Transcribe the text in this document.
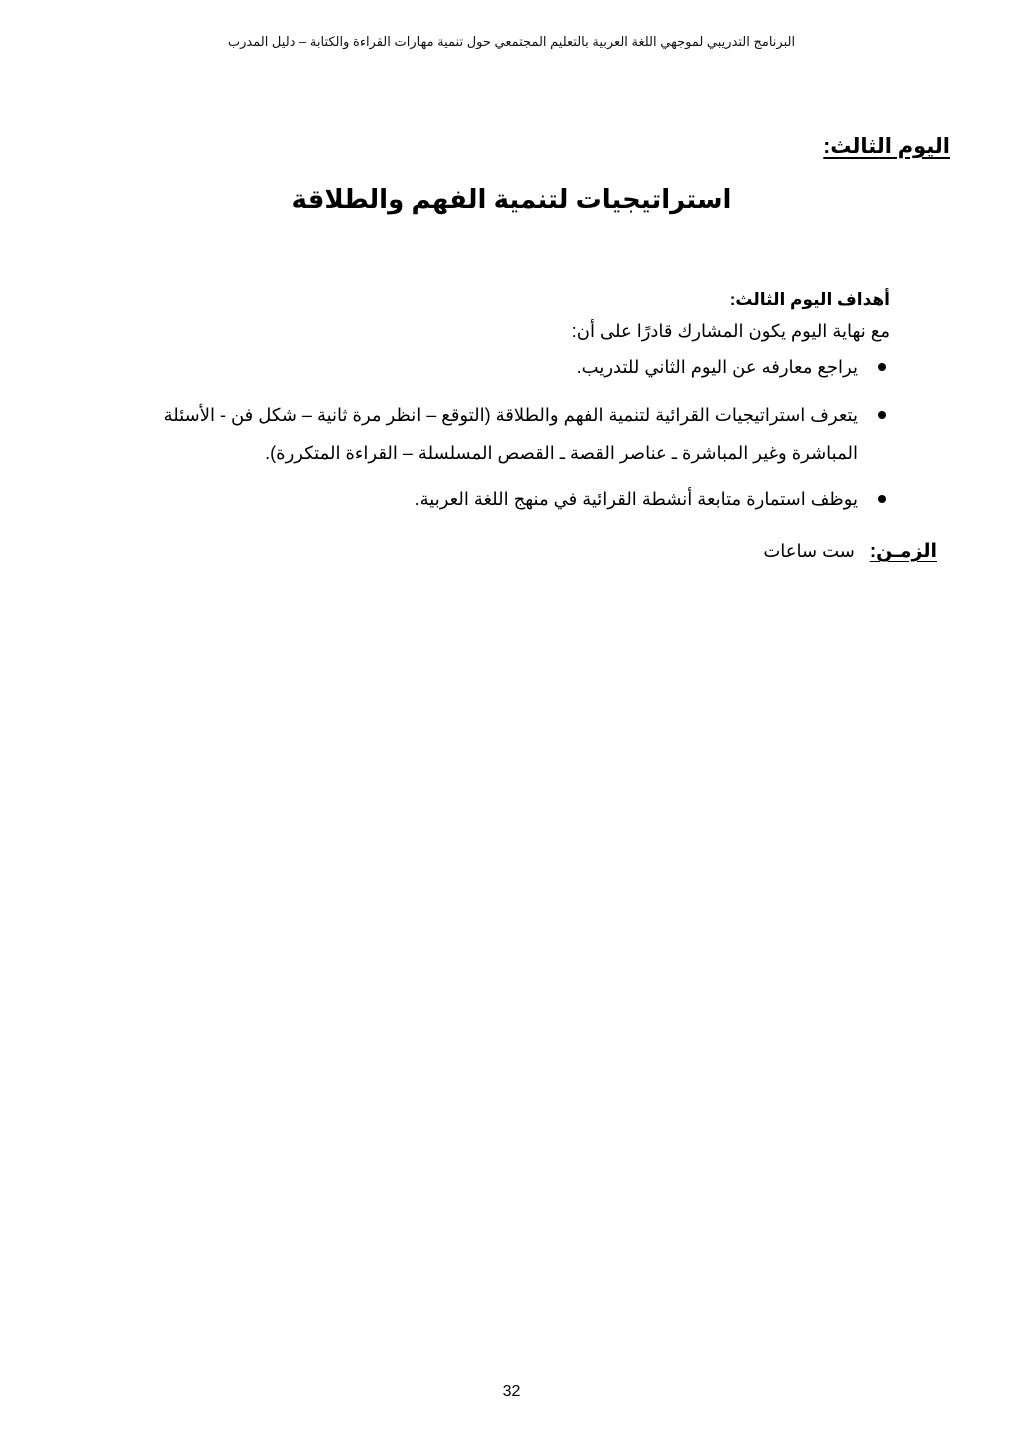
البرنامج التدريبي لموجهي اللغة العربية بالتعليم المجتمعي حول تنمية مهارات القراءة والكتابة – دليل المدرب
اليوم الثالث:
استراتيجيات لتنمية الفهم والطلاقة
أهداف اليوم الثالث:
مع نهاية اليوم يكون المشارك قادرًا على أن:
يراجع معارفه عن اليوم الثاني للتدريب.
يتعرف استراتيجيات القرائية لتنمية الفهم والطلاقة (التوقع – انظر مرة ثانية – شكل فن - الأسئلة المباشرة وغير المباشرة ـ عناصر القصة ـ القصص المسلسلة – القراءة المتكررة).
يوظف استمارة متابعة أنشطة القرائية في منهج اللغة العربية.
الزمـن: ست ساعات
32
